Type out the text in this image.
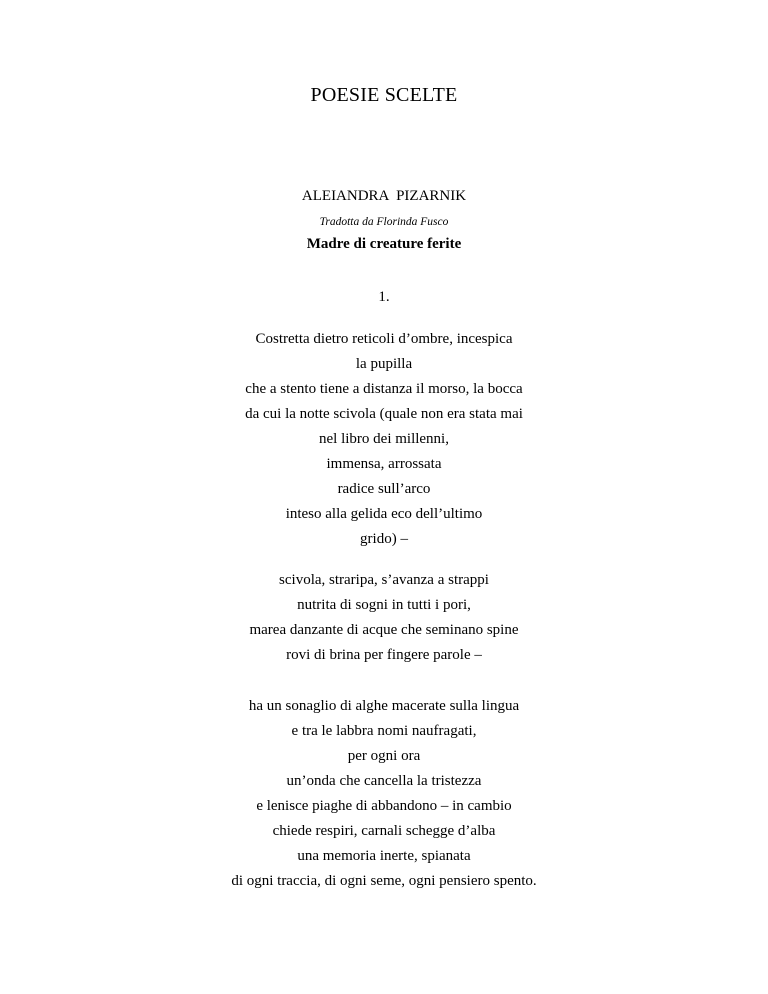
POESIE SCELTE
ALEIANDRA  PIZARNIK
Tradotta da Florinda Fusco
Madre di creature ferite
1.
Costretta dietro reticoli d’ombre, incespica
la pupilla
che a stento tiene a distanza il morso, la bocca
da cui la notte scivola (quale non era stata mai
nel libro dei millenni,
immensa, arrossata
radice sull’arco
inteso alla gelida eco dell’ultimo
grido) –
scivola, straripa, s’avanza a strappi
nutrita di sogni in tutti i pori,
marea danzante di acque che seminano spine
rovi di brina per fingere parole –
ha un sonaglio di alghe macerate sulla lingua
e tra le labbra nomi naufragati,
per ogni ora
un’onda che cancella la tristezza
e lenisce piaghe di abbandono – in cambio
chiede respiri, carnali schegge d’alba
una memoria inerte, spianata
di ogni traccia, di ogni seme, ogni pensiero spento.
